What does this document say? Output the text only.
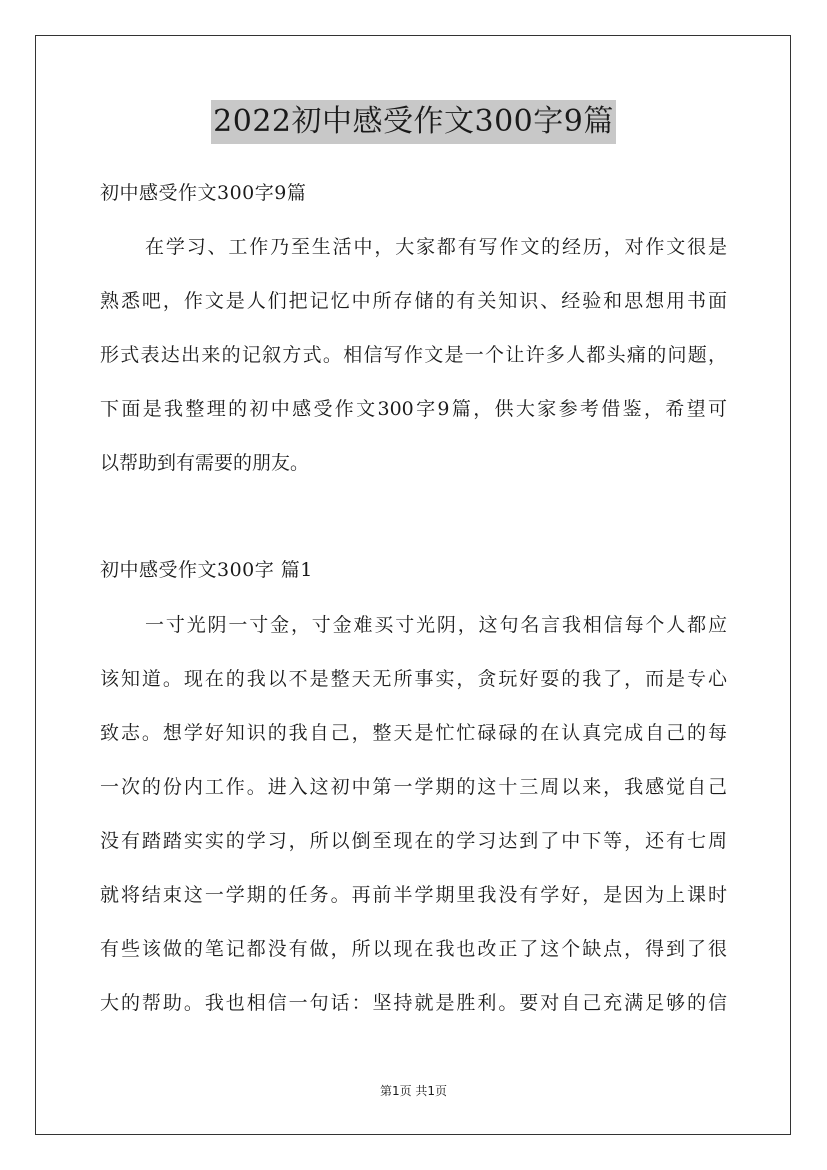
2022初中感受作文300字9篇
初中感受作文300字9篇
在学习、工作乃至生活中，大家都有写作文的经历，对作文很是
熟悉吧，作文是人们把记忆中所存储的有关知识、经验和思想用书面
形式表达出来的记叙方式。相信写作文是一个让许多人都头痛的问题，
下面是我整理的初中感受作文300字9篇，供大家参考借鉴，希望可
以帮助到有需要的朋友。
初中感受作文300字 篇1
一寸光阴一寸金，寸金难买寸光阴，这句名言我相信每个人都应
该知道。现在的我以不是整天无所事实，贪玩好耍的我了，而是专心
致志。想学好知识的我自己，整天是忙忙碌碌的在认真完成自己的每
一次的份内工作。进入这初中第一学期的这十三周以来，我感觉自己
没有踏踏实实的学习，所以倒至现在的学习达到了中下等，还有七周
就将结束这一学期的任务。再前半学期里我没有学好，是因为上课时
有些该做的笔记都没有做，所以现在我也改正了这个缺点，得到了很
大的帮助。我也相信一句话：坚持就是胜利。要对自己充满足够的信
第1页 共1页
